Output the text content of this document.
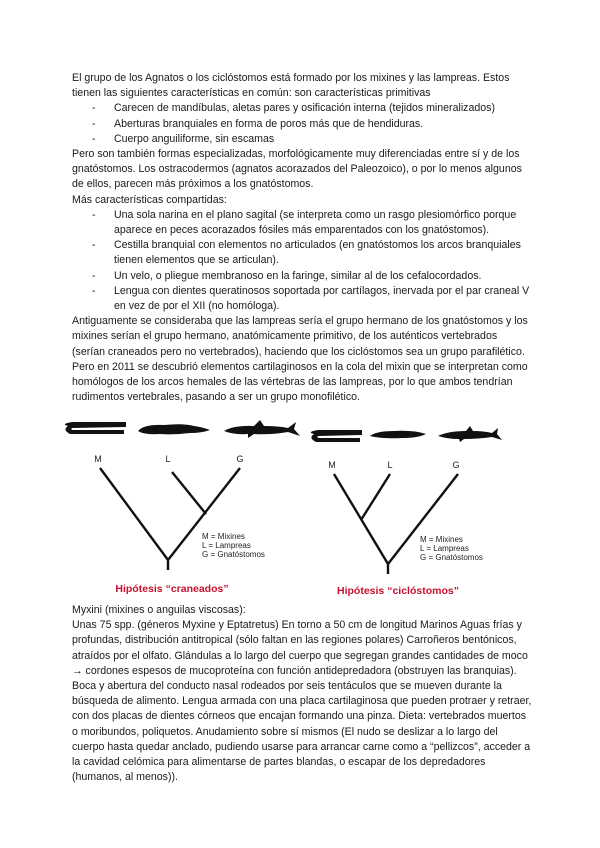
El grupo de los Agnatos o los ciclóstomos está formado por los mixines y las lampreas. Estos tienen las siguientes características en común: son características primitivas

- Carecen de mandíbulas, aletas pares y osificación interna (tejidos mineralizados)
- Aberturas branquiales en forma de poros más que de hendiduras.
- Cuerpo anguiliforme, sin escamas

Pero son también formas especializadas, morfológicamente muy diferenciadas entre sí y de los gnatóstomos. Los ostracodermos (agnatos acorazados del Paleozoico), o por lo menos algunos de ellos, parecen más próximos a los gnatóstomos.

Más características compartidas:

- Una sola narina en el plano sagital (se interpreta como un rasgo plesiomórfico porque aparece en peces acorazados fósiles más emparentados con los gnatóstomos).
- Cestilla branquial con elementos no articulados (en gnatóstomos los arcos branquiales tienen elementos que se articulan).
- Un velo, o pliegue membranoso en la faringe, similar al de los cefalocordados.
- Lengua con dientes queratinosos soportada por cartílagos, inervada por el par craneal V en vez de por el XII (no homóloga).

Antiguamente se consideraba que las lampreas sería el grupo hermano de los gnatóstomos y los mixines serían el grupo hermano, anatómicamente primitivo, de los auténticos vertebrados (serían craneados pero no vertebrados), haciendo que los ciclóstomos sea un grupo parafilético. Pero en 2011 se descubrió elementos cartilaginosos en la cola del mixin que se interpretan como homólogos de los arcos hemales de las vértebras de las lampreas, por lo que ambos tendrían rudimentos vertebrales, pasando a ser un grupo monofilético.

M	L	G
M = Mixines
L = Lampreas
G = Gnatóstomos
Hipótesis “craneados”
M	L	G
M = Mixines
L = Lampreas
G = Gnatóstomos
Hipótesis “ciclóstomos”

Myxini (mixines o anguilas viscosas):

Unas 75 spp. (géneros Myxine y Eptatretus) En torno a 50 cm de longitud Marinos Aguas frías y profundas, distribución antitropical (sólo faltan en las regiones polares) Carroñeros bentónicos, atraídos por el olfato. Glándulas a lo largo del cuerpo que segregan grandes cantidades de moco → cordones espesos de mucoproteína con función antidepredadora (obstruyen las branquias). Boca y abertura del conducto nasal rodeados por seis tentáculos que se mueven durante la búsqueda de alimento. Lengua armada con una placa cartilaginosa que pueden protraer y retraer, con dos placas de dientes córneos que encajan formando una pinza. Dieta: vertebrados muertos o moribundos, poliquetos. Anudamiento sobre sí mismos (El nudo se deslizar a lo largo del cuerpo hasta quedar anclado, pudiendo usarse para arrancar carne como a “pellizcos”, acceder a la cavidad celómica para alimentarse de partes blandas, o escapar de los depredadores (humanos, al menos)).
